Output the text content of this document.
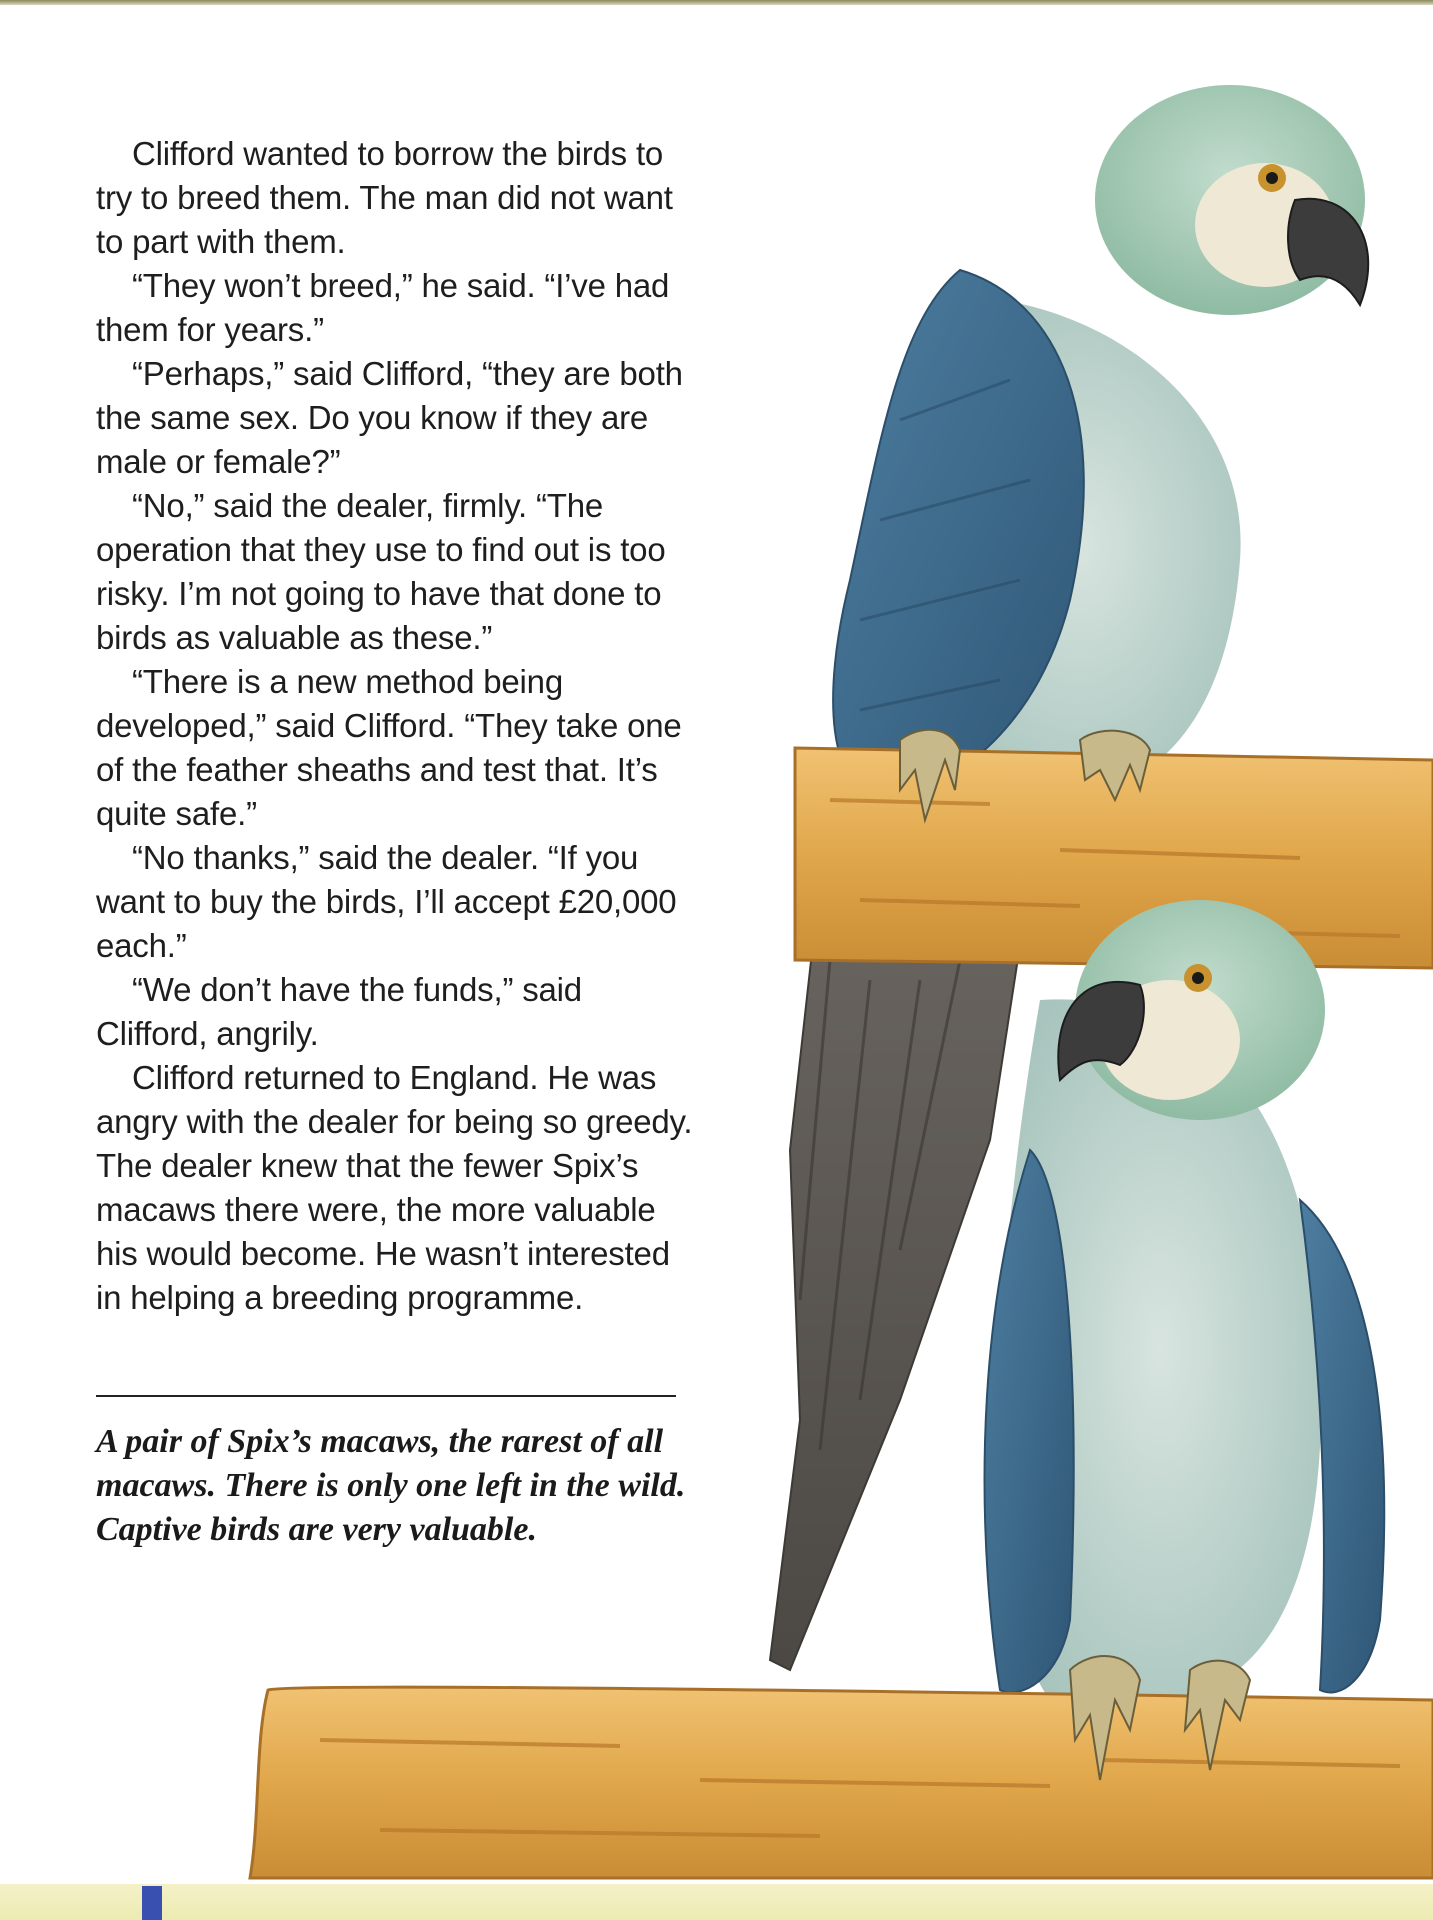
Clifford wanted to borrow the birds to try to breed them. The man did not want to part with them.

“They won’t breed,” he said. “I’ve had them for years.”

“Perhaps,” said Clifford, “they are both the same sex. Do you know if they are male or female?”

“No,” said the dealer, firmly. “The operation that they use to find out is too risky. I’m not going to have that done to birds as valuable as these.”

“There is a new method being developed,” said Clifford. “They take one of the feather sheaths and test that. It’s quite safe.”

“No thanks,” said the dealer. “If you want to buy the birds, I’ll accept £20,000 each.”

“We don’t have the funds,” said Clifford, angrily.

Clifford returned to England. He was angry with the dealer for being so greedy. The dealer knew that the fewer Spix’s macaws there were, the more valuable his would become. He wasn’t interested in helping a breeding programme.

A pair of Spix’s macaws, the rarest of all macaws. There is only one left in the wild. Captive birds are very valuable.
